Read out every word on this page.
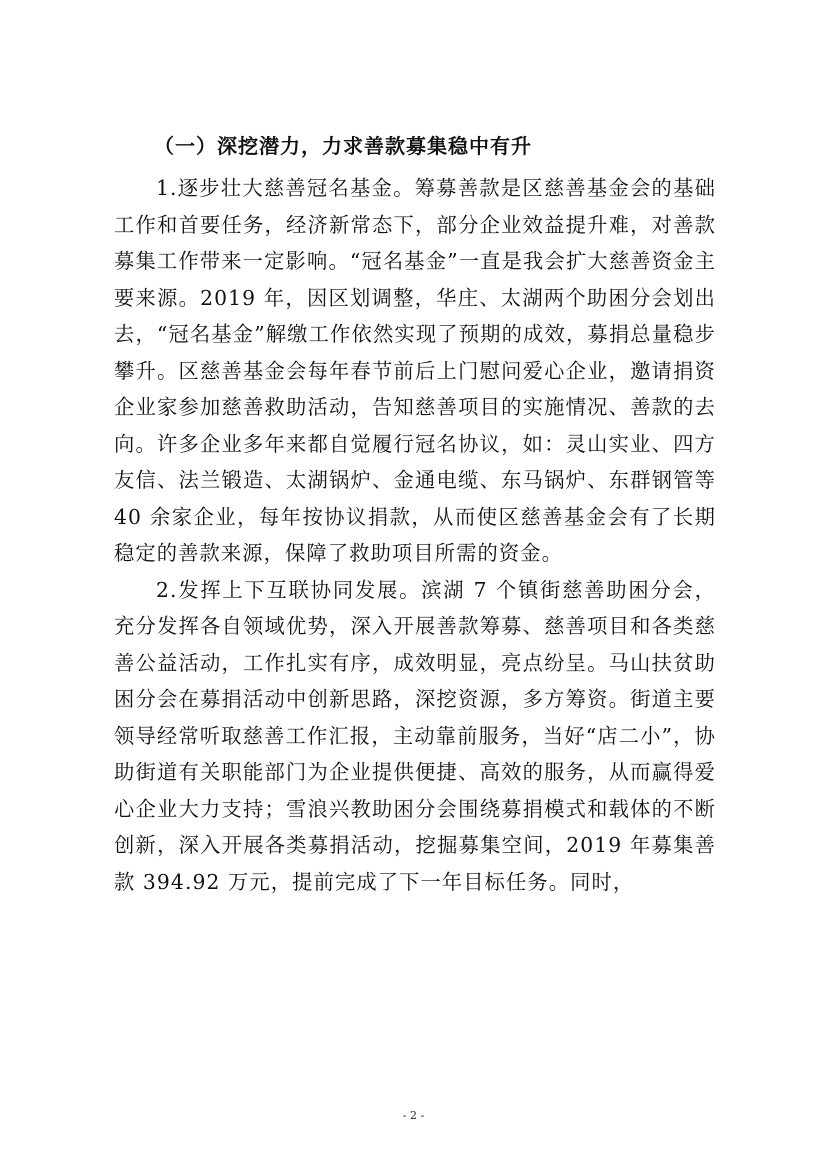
（一）深挖潜力，力求善款募集稳中有升

1.逐步壮大慈善冠名基金。筹募善款是区慈善基金会的基础工作和首要任务，经济新常态下，部分企业效益提升难，对善款募集工作带来一定影响。“冠名基金”一直是我会扩大慈善资金主要来源。2019 年，因区划调整，华庄、太湖两个助困分会划出去，“冠名基金”解缴工作依然实现了预期的成效，募捐总量稳步攀升。区慈善基金会每年春节前后上门慰问爱心企业，邀请捐资企业家参加慈善救助活动，告知慈善项目的实施情况、善款的去向。许多企业多年来都自觉履行冠名协议，如：灵山实业、四方友信、法兰锻造、太湖锅炉、金通电缆、东马锅炉、东群钢管等 40 余家企业，每年按协议捐款，从而使区慈善基金会有了长期稳定的善款来源，保障了救助项目所需的资金。

2.发挥上下互联协同发展。滨湖 7 个镇街慈善助困分会，充分发挥各自领域优势，深入开展善款筹募、慈善项目和各类慈善公益活动，工作扎实有序，成效明显，亮点纷呈。马山扶贫助困分会在募捐活动中创新思路，深挖资源，多方筹资。街道主要领导经常听取慈善工作汇报，主动靠前服务，当好“店二小”，协助街道有关职能部门为企业提供便捷、高效的服务，从而赢得爱心企业大力支持；雪浪兴教助困分会围绕募捐模式和载体的不断创新，深入开展各类募捐活动，挖掘募集空间，2019 年募集善款 394.92 万元，提前完成了下一年目标任务。同时，

- 2 -
